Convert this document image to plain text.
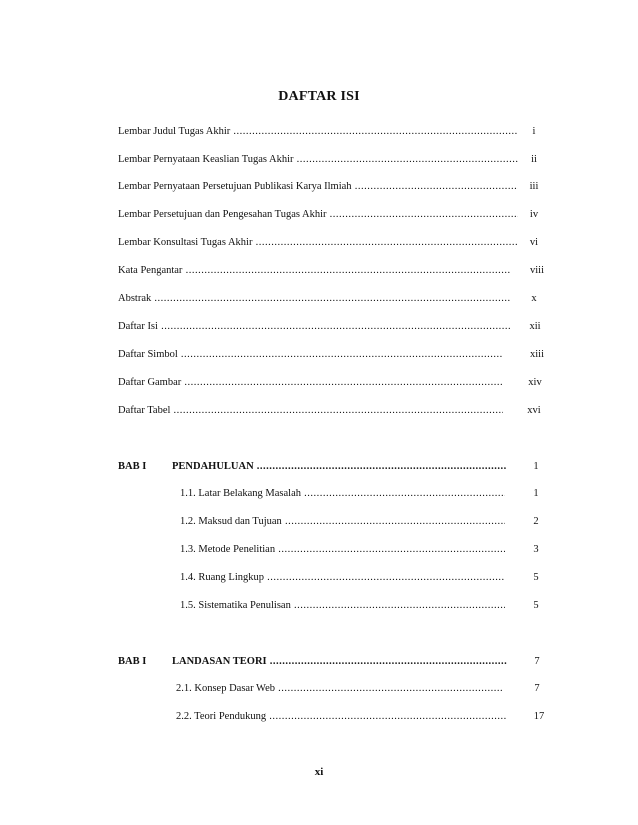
DAFTAR ISI
Lembar Judul Tugas Akhir .....	i
Lembar Pernyataan Keaslian Tugas Akhir .....	ii
Lembar Pernyataan Persetujuan Publikasi Karya Ilmiah .....	iii
Lembar Persetujuan dan Pengesahan Tugas Akhir .....	iv
Lembar Konsultasi Tugas Akhir .....	vi
Kata Pengantar .....	viii
Abstrak .....	x
Daftar Isi .....	xii
Daftar Simbol .....	xiii
Daftar Gambar .....	xiv
Daftar Tabel .....	xvi
BAB I PENDAHULUAN .....	1
1.1. Latar Belakang Masalah .....	1
1.2. Maksud dan Tujuan .....	2
1.3. Metode Penelitian .....	3
1.4. Ruang Lingkup .....	5
1.5. Sistematika Penulisan .....	5
BAB I LANDASAN TEORI .....	7
2.1. Konsep Dasar Web .....	7
2.2. Teori Pendukung .....	17
xi
